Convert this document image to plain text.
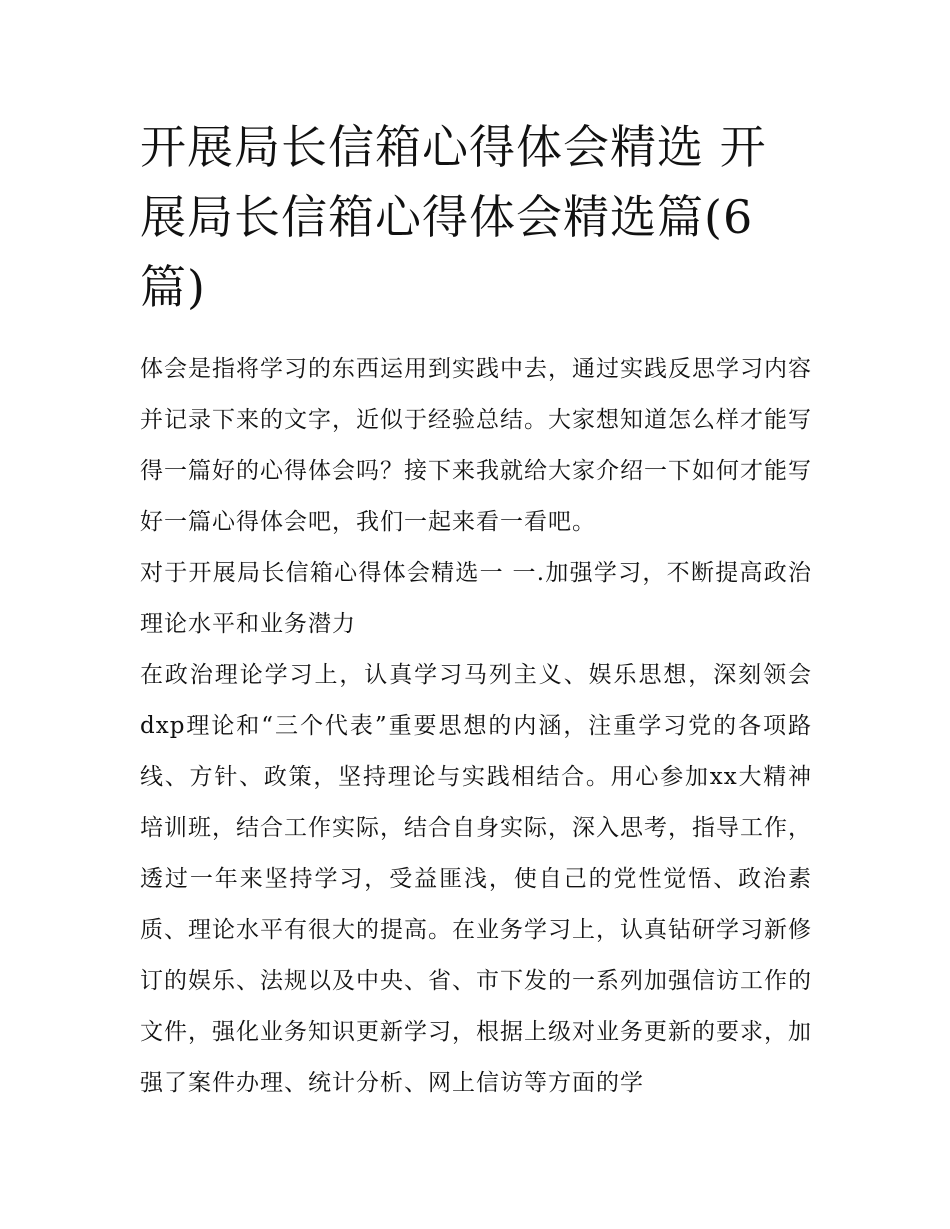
开展局长信箱心得体会精选 开展局长信箱心得体会精选篇(6篇)

体会是指将学习的东西运用到实践中去，通过实践反思学习内容并记录下来的文字，近似于经验总结。大家想知道怎么样才能写得一篇好的心得体会吗？接下来我就给大家介绍一下如何才能写好一篇心得体会吧，我们一起来看一看吧。

对于开展局长信箱心得体会精选一 一.加强学习，不断提高政治理论水平和业务潜力

在政治理论学习上，认真学习马列主义、娱乐思想，深刻领会dxp理论和“三个代表”重要思想的内涵，注重学习党的各项路线、方针、政策，坚持理论与实践相结合。用心参加xx大精神培训班，结合工作实际，结合自身实际，深入思考，指导工作，透过一年来坚持学习，受益匪浅，使自己的党性觉悟、政治素质、理论水平有很大的提高。在业务学习上，认真钻研学习新修订的娱乐、法规以及中央、省、市下发的一系列加强信访工作的文件，强化业务知识更新学习，根据上级对业务更新的要求，加强了案件办理、统计分析、网上信访等方面的学
